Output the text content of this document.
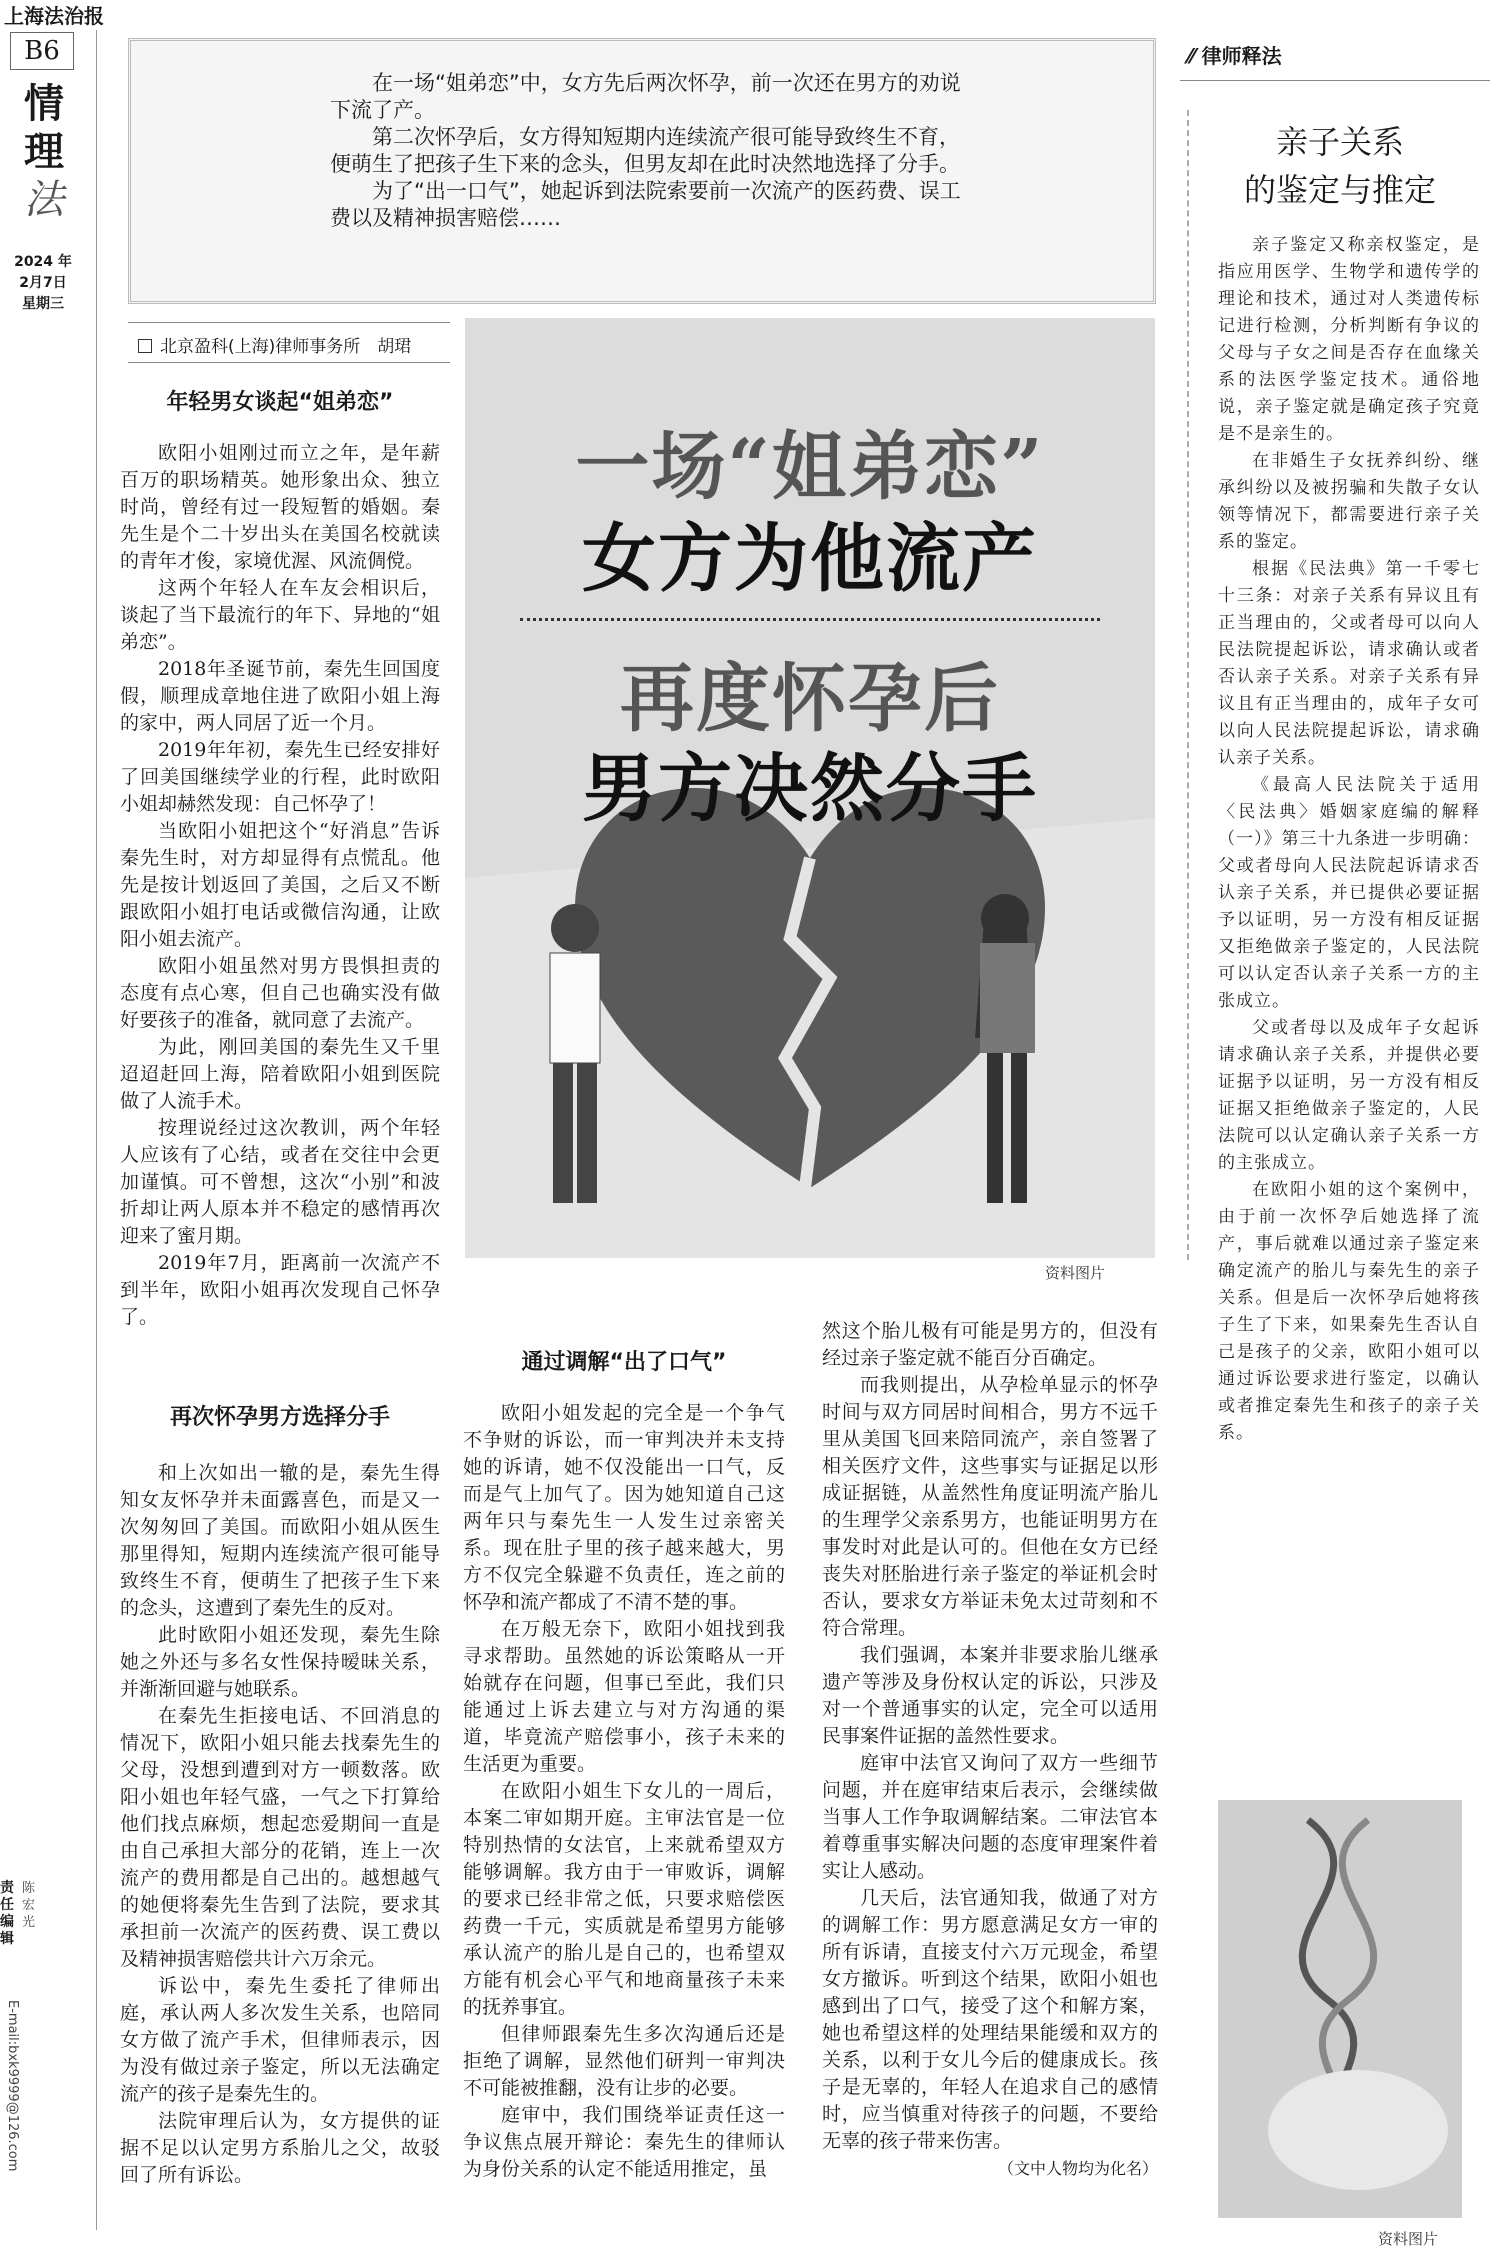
上海法治报
B6
情
理
法
2024 年
2月7日
星期三
责任编辑
陈宏光
E-mail:bxk9999@126.com

在一场“姐弟恋”中，女方先后两次怀孕，前一次还在男方的劝说下流了产。

第二次怀孕后，女方得知短期内连续流产很可能导致终生不育，便萌生了把孩子生下来的念头，但男友却在此时决然地选择了分手。

为了“出一口气”，她起诉到法院索要前一次流产的医药费、误工费以及精神损害赔偿……

北京盈科(上海)律师事务所　胡珺
年轻男女谈起“姐弟恋”

欧阳小姐刚过而立之年，是年薪百万的职场精英。她形象出众、独立时尚，曾经有过一段短暂的婚姻。秦先生是个二十岁出头在美国名校就读的青年才俊，家境优渥、风流倜傥。

这两个年轻人在车友会相识后，谈起了当下最流行的年下、异地的“姐弟恋”。

2018年圣诞节前，秦先生回国度假，顺理成章地住进了欧阳小姐上海的家中，两人同居了近一个月。

2019年年初，秦先生已经安排好了回美国继续学业的行程，此时欧阳小姐却赫然发现：自己怀孕了！

当欧阳小姐把这个“好消息”告诉秦先生时，对方却显得有点慌乱。他先是按计划返回了美国，之后又不断跟欧阳小姐打电话或微信沟通，让欧阳小姐去流产。

欧阳小姐虽然对男方畏惧担责的态度有点心寒，但自己也确实没有做好要孩子的准备，就同意了去流产。

为此，刚回美国的秦先生又千里迢迢赶回上海，陪着欧阳小姐到医院做了人流手术。

按理说经过这次教训，两个年轻人应该有了心结，或者在交往中会更加谨慎。可不曾想，这次“小别”和波折却让两人原本并不稳定的感情再次迎来了蜜月期。

2019年7月，距离前一次流产不到半年，欧阳小姐再次发现自己怀孕了。

再次怀孕男方选择分手

和上次如出一辙的是，秦先生得知女友怀孕并未面露喜色，而是又一次匆匆回了美国。而欧阳小姐从医生那里得知，短期内连续流产很可能导致终生不育，便萌生了把孩子生下来的念头，这遭到了秦先生的反对。

此时欧阳小姐还发现，秦先生除她之外还与多名女性保持暧昧关系，并渐渐回避与她联系。

在秦先生拒接电话、不回消息的情况下，欧阳小姐只能去找秦先生的父母，没想到遭到对方一顿数落。欧阳小姐也年轻气盛，一气之下打算给他们找点麻烦，想起恋爱期间一直是由自己承担大部分的花销，连上一次流产的费用都是自己出的。越想越气的她便将秦先生告到了法院，要求其承担前一次流产的医药费、误工费以及精神损害赔偿共计六万余元。

诉讼中，秦先生委托了律师出庭，承认两人多次发生关系，也陪同女方做了流产手术，但律师表示，因为没有做过亲子鉴定，所以无法确定流产的孩子是秦先生的。

法院审理后认为，女方提供的证据不足以认定男方系胎儿之父，故驳回了所有诉讼。

一场“姐弟恋”
女方为他流产
再度怀孕后
男方决然分手
资料图片
通过调解“出了口气”

欧阳小姐发起的完全是一个争气不争财的诉讼，而一审判决并未支持她的诉请，她不仅没能出一口气，反而是气上加气了。因为她知道自己这两年只与秦先生一人发生过亲密关系。现在肚子里的孩子越来越大，男方不仅完全躲避不负责任，连之前的怀孕和流产都成了不清不楚的事。

在万般无奈下，欧阳小姐找到我寻求帮助。虽然她的诉讼策略从一开始就存在问题，但事已至此，我们只能通过上诉去建立与对方沟通的渠道，毕竟流产赔偿事小，孩子未来的生活更为重要。

在欧阳小姐生下女儿的一周后，本案二审如期开庭。主审法官是一位特别热情的女法官，上来就希望双方能够调解。我方由于一审败诉，调解的要求已经非常之低，只要求赔偿医药费一千元，实质就是希望男方能够承认流产的胎儿是自己的，也希望双方能有机会心平气和地商量孩子未来的抚养事宜。

但律师跟秦先生多次沟通后还是拒绝了调解，显然他们研判一审判决不可能被推翻，没有让步的必要。

庭审中，我们围绕举证责任这一争议焦点展开辩论：秦先生的律师认为身份关系的认定不能适用推定，虽

然这个胎儿极有可能是男方的，但没有经过亲子鉴定就不能百分百确定。

而我则提出，从孕检单显示的怀孕时间与双方同居时间相合，男方不远千里从美国飞回来陪同流产，亲自签署了相关医疗文件，这些事实与证据足以形成证据链，从盖然性角度证明流产胎儿的生理学父亲系男方，也能证明男方在事发时对此是认可的。但他在女方已经丧失对胚胎进行亲子鉴定的举证机会时否认，要求女方举证未免太过苛刻和不符合常理。

我们强调，本案并非要求胎儿继承遗产等涉及身份权认定的诉讼，只涉及对一个普通事实的认定，完全可以适用民事案件证据的盖然性要求。

庭审中法官又询问了双方一些细节问题，并在庭审结束后表示，会继续做当事人工作争取调解结案。二审法官本着尊重事实解决问题的态度审理案件着实让人感动。

几天后，法官通知我，做通了对方的调解工作：男方愿意满足女方一审的所有诉请，直接支付六万元现金，希望女方撤诉。听到这个结果，欧阳小姐也感到出了口气，接受了这个和解方案，她也希望这样的处理结果能缓和双方的关系，以利于女儿今后的健康成长。孩子是无辜的，年轻人在追求自己的感情时，应当慎重对待孩子的问题，不要给无辜的孩子带来伤害。

（文中人物均为化名）
⁄⁄ 律师释法
亲子关系
的鉴定与推定

亲子鉴定又称亲权鉴定，是指应用医学、生物学和遗传学的理论和技术，通过对人类遗传标记进行检测，分析判断有争议的父母与子女之间是否存在血缘关系的法医学鉴定技术。通俗地说，亲子鉴定就是确定孩子究竟是不是亲生的。

在非婚生子女抚养纠纷、继承纠纷以及被拐骗和失散子女认领等情况下，都需要进行亲子关系的鉴定。

根据《民法典》第一千零七十三条：对亲子关系有异议且有正当理由的，父或者母可以向人民法院提起诉讼，请求确认或者否认亲子关系。对亲子关系有异议且有正当理由的，成年子女可以向人民法院提起诉讼，请求确认亲子关系。

《最高人民法院关于适用〈民法典〉婚姻家庭编的解释（一）》第三十九条进一步明确：父或者母向人民法院起诉请求否认亲子关系，并已提供必要证据予以证明，另一方没有相反证据又拒绝做亲子鉴定的，人民法院可以认定否认亲子关系一方的主张成立。

父或者母以及成年子女起诉请求确认亲子关系，并提供必要证据予以证明，另一方没有相反证据又拒绝做亲子鉴定的，人民法院可以认定确认亲子关系一方的主张成立。

在欧阳小姐的这个案例中，由于前一次怀孕后她选择了流产，事后就难以通过亲子鉴定来确定流产的胎儿与秦先生的亲子关系。但是后一次怀孕后她将孩子生了下来，如果秦先生否认自己是孩子的父亲，欧阳小姐可以通过诉讼要求进行鉴定，以确认或者推定秦先生和孩子的亲子关系。

资料图片
